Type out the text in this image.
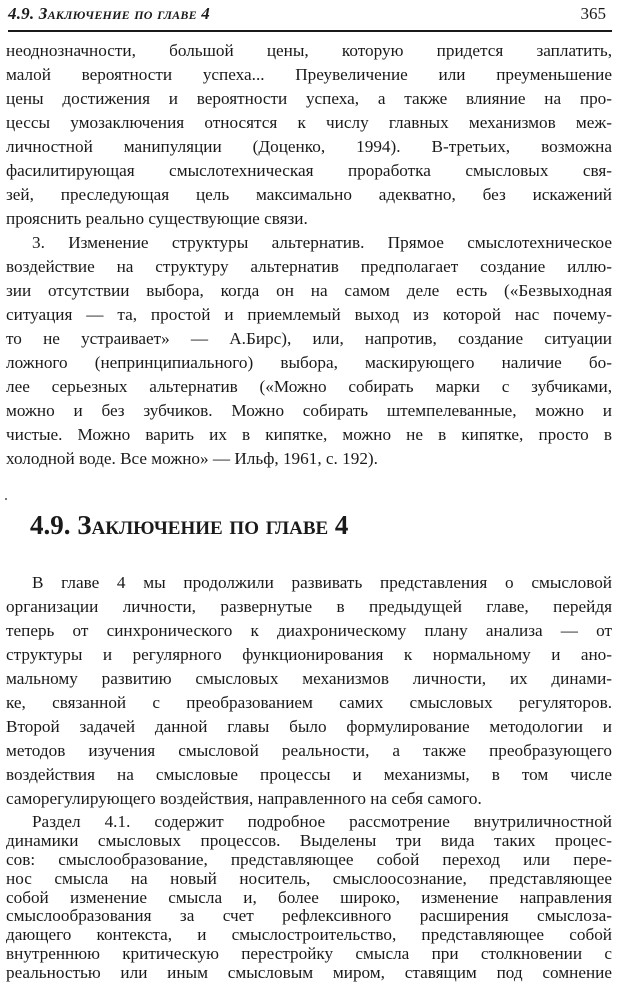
4.9. Заключение по главе 4	365
неоднозначности, большой цены, которую придется заплатить,
малой вероятности успеха... Преувеличение или преуменьшение
цены достижения и вероятности успеха, а также влияние на про-
цессы умозаключения относятся к числу главных механизмов меж-
личностной манипуляции (Доценко, 1994). В-третьих, возможна
фасилитирующая смыслотехническая проработка смысловых свя-
зей, преследующая цель максимально адекватно, без искажений
прояснить реально существующие связи.
3. Изменение структуры альтернатив. Прямое смыслотехническое
воздействие на структуру альтернатив предполагает создание иллю-
зии отсутствии выбора, когда он на самом деле есть («Безвыходная
ситуация — та, простой и приемлемый выход из которой нас почему-
то не устраивает» — А.Бирс), или, напротив, создание ситуации
ложного (непринципиального) выбора, маскирующего наличие бо-
лее серьезных альтернатив («Можно собирать марки с зубчиками,
можно и без зубчиков. Можно собирать штемпелеванные, можно и
чистые. Можно варить их в кипятке, можно не в кипятке, просто в
холодной воде. Все можно» — Ильф, 1961, с. 192).
4.9. Заключение по главе 4
В главе 4 мы продолжили развивать представления о смысловой
организации личности, развернутые в предыдущей главе, перейдя
теперь от синхронического к диахроническому плану анализа — от
структуры и регулярного функционирования к нормальному и ано-
мальному развитию смысловых механизмов личности, их динами-
ке, связанной с преобразованием самих смысловых регуляторов.
Второй задачей данной главы было формулирование методологии и
методов изучения смысловой реальности, а также преобразующего
воздействия на смысловые процессы и механизмы, в том числе
саморегулирующего воздействия, направленного на себя самого.
Раздел 4.1. содержит подробное рассмотрение внутриличностной
динамики смысловых процессов. Выделены три вида таких процес-
сов: смыслообразование, представляющее собой переход или пере-
нос смысла на новый носитель, смыслоосознание, представляющее
собой изменение смысла и, более широко, изменение направления
смыслообразования за счет рефлексивного расширения смыслоза-
дающего контекста, и смыслостроительство, представляющее собой
внутреннюю критическую перестройку смысла при столкновении с
реальностью или иным смысловым миром, ставящим под сомнение
